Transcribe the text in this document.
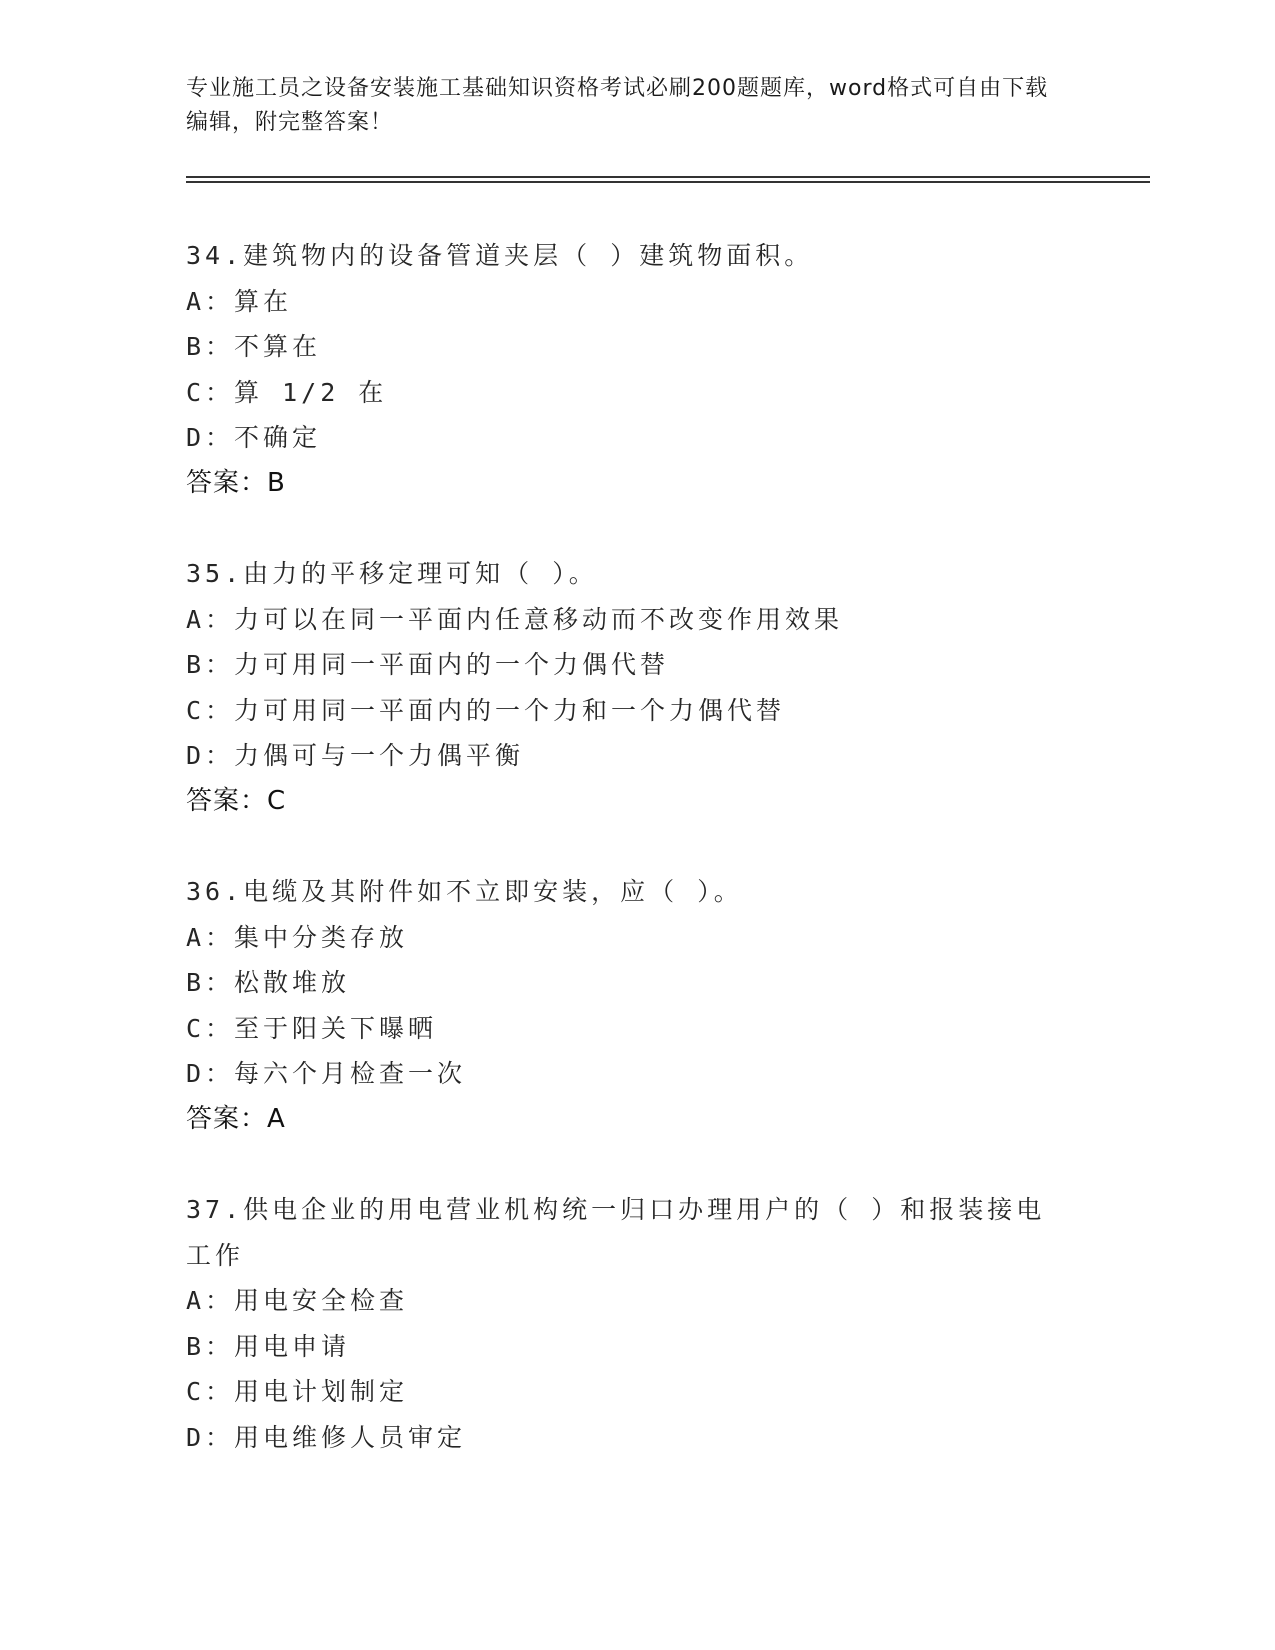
专业施工员之设备安装施工基础知识资格考试必刷200题题库，word格式可自由下载编辑，附完整答案！
34.建筑物内的设备管道夹层（ ）建筑物面积。
A：算在
B：不算在
C：算 1/2 在
D：不确定
答案：B
35.由力的平移定理可知（ ）。
A：力可以在同一平面内任意移动而不改变作用效果
B：力可用同一平面内的一个力偶代替
C：力可用同一平面内的一个力和一个力偶代替
D：力偶可与一个力偶平衡
答案：C
36.电缆及其附件如不立即安装，应（ ）。
A：集中分类存放
B：松散堆放
C：至于阳关下曝晒
D：每六个月检查一次
答案：A
37.供电企业的用电营业机构统一归口办理用户的（ ）和报装接电工作
A：用电安全检查
B：用电申请
C：用电计划制定
D：用电维修人员审定
